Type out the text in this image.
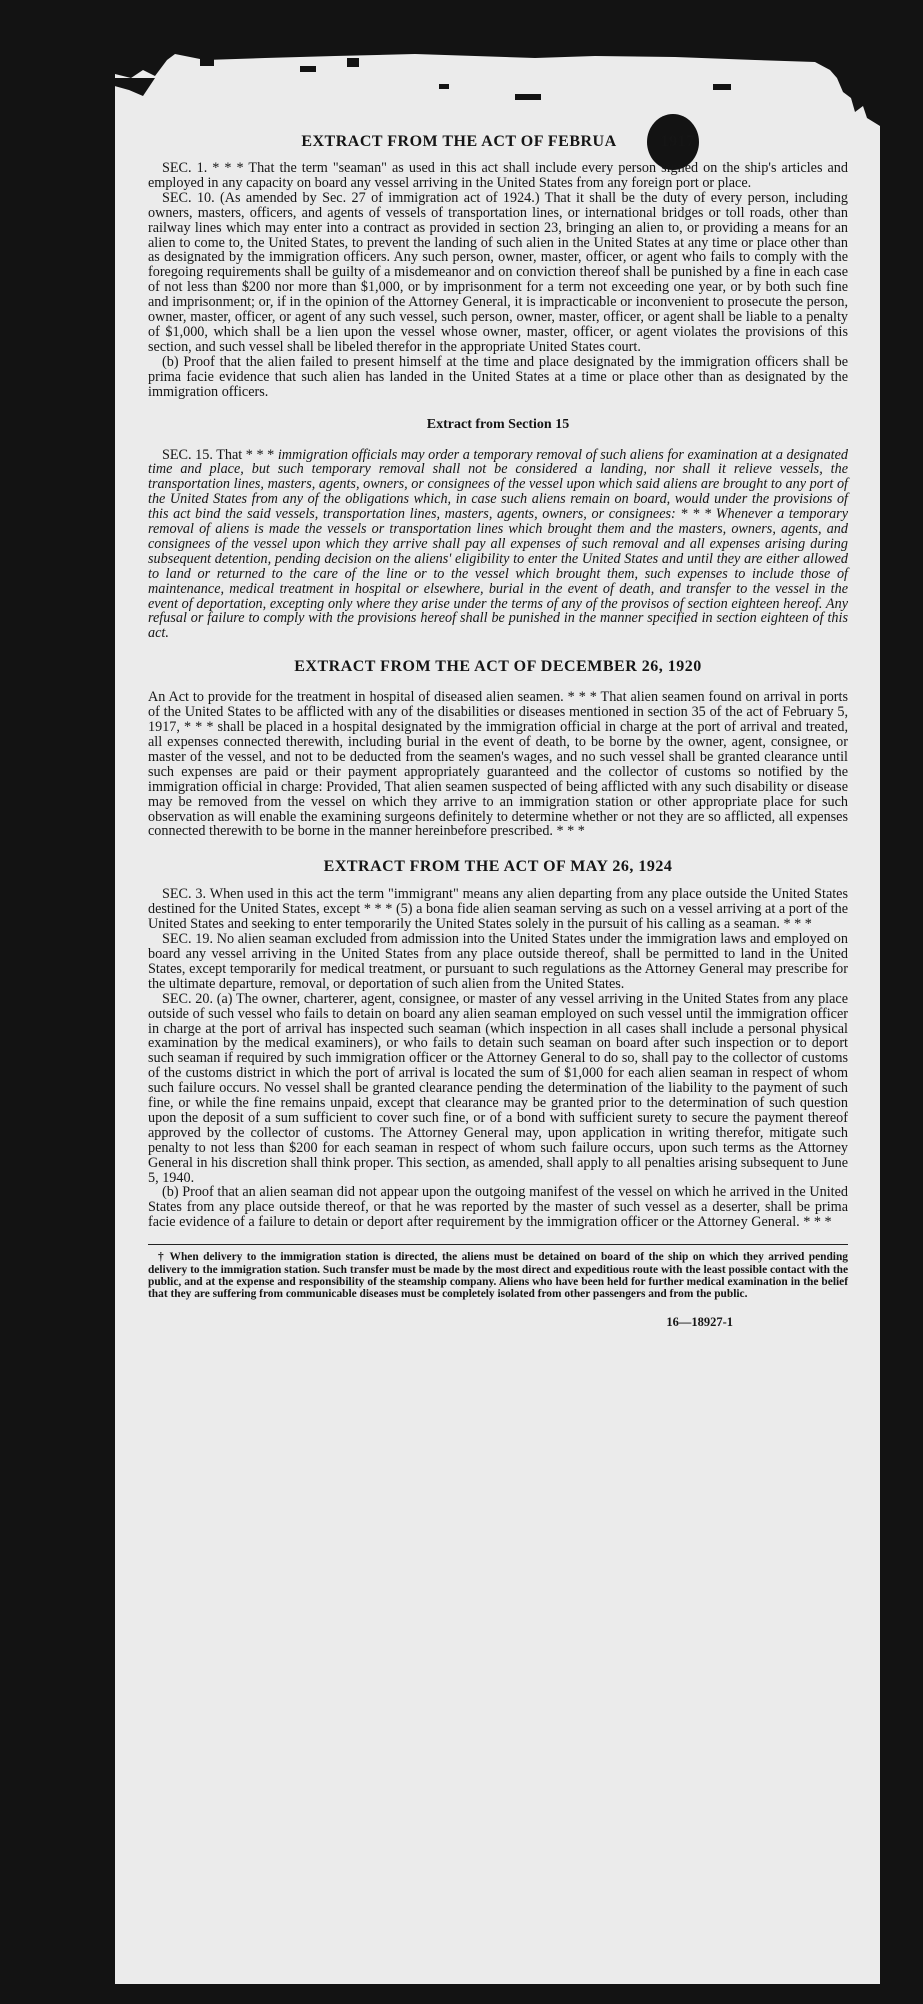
EXTRACT FROM THE ACT OF FEBRUA	1917

SEC. 1. * * * That the term "seaman" as used in this act shall include every person signed on the ship's articles and employed in any capacity on board any vessel arriving in the United States from any foreign port or place.

SEC. 10. (As amended by Sec. 27 of immigration act of 1924.) That it shall be the duty of every person, including owners, masters, officers, and agents of vessels of transportation lines, or international bridges or toll roads, other than railway lines which may enter into a contract as provided in section 23, bringing an alien to, or providing a means for an alien to come to, the United States, to prevent the landing of such alien in the United States at any time or place other than as designated by the immigration officers. Any such person, owner, master, officer, or agent who fails to comply with the foregoing requirements shall be guilty of a misdemeanor and on conviction thereof shall be punished by a fine in each case of not less than $200 nor more than $1,000, or by imprisonment for a term not exceeding one year, or by both such fine and imprisonment; or, if in the opinion of the Attorney General, it is impracticable or inconvenient to prosecute the person, owner, master, officer, or agent of any such vessel, such person, owner, master, officer, or agent shall be liable to a penalty of $1,000, which shall be a lien upon the vessel whose owner, master, officer, or agent violates the provisions of this section, and such vessel shall be libeled therefor in the appropriate United States court.

(b) Proof that the alien failed to present himself at the time and place designated by the immigration officers shall be prima facie evidence that such alien has landed in the United States at a time or place other than as designated by the immigration officers.

Extract from Section 15

SEC. 15. That * * * immigration officials may order a temporary removal of such aliens for examination at a designated time and place, but such temporary removal shall not be considered a landing, nor shall it relieve vessels, the transportation lines, masters, agents, owners, or consignees of the vessel upon which said aliens are brought to any port of the United States from any of the obligations which, in case such aliens remain on board, would under the provisions of this act bind the said vessels, transportation lines, masters, agents, owners, or consignees: * * * Whenever a temporary removal of aliens is made the vessels or transportation lines which brought them and the masters, owners, agents, and consignees of the vessel upon which they arrive shall pay all expenses of such removal and all expenses arising during subsequent detention, pending decision on the aliens' eligibility to enter the United States and until they are either allowed to land or returned to the care of the line or to the vessel which brought them, such expenses to include those of maintenance, medical treatment in hospital or elsewhere, burial in the event of death, and transfer to the vessel in the event of deportation, excepting only where they arise under the terms of any of the provisos of section eighteen hereof. Any refusal or failure to comply with the provisions hereof shall be punished in the manner specified in section eighteen of this act.

EXTRACT FROM THE ACT OF DECEMBER 26, 1920

An Act to provide for the treatment in hospital of diseased alien seamen. * * * That alien seamen found on arrival in ports of the United States to be afflicted with any of the disabilities or diseases mentioned in section 35 of the act of February 5, 1917, * * * shall be placed in a hospital designated by the immigration official in charge at the port of arrival and treated, all expenses connected therewith, including burial in the event of death, to be borne by the owner, agent, consignee, or master of the vessel, and not to be deducted from the seamen's wages, and no such vessel shall be granted clearance until such expenses are paid or their payment appropriately guaranteed and the collector of customs so notified by the immigration official in charge: Provided, That alien seamen suspected of being afflicted with any such disability or disease may be removed from the vessel on which they arrive to an immigration station or other appropriate place for such observation as will enable the examining surgeons definitely to determine whether or not they are so afflicted, all expenses connected therewith to be borne in the manner hereinbefore prescribed. * * *

EXTRACT FROM THE ACT OF MAY 26, 1924

SEC. 3. When used in this act the term "immigrant" means any alien departing from any place outside the United States destined for the United States, except * * * (5) a bona fide alien seaman serving as such on a vessel arriving at a port of the United States and seeking to enter temporarily the United States solely in the pursuit of his calling as a seaman. * * *

SEC. 19. No alien seaman excluded from admission into the United States under the immigration laws and employed on board any vessel arriving in the United States from any place outside thereof, shall be permitted to land in the United States, except temporarily for medical treatment, or pursuant to such regulations as the Attorney General may prescribe for the ultimate departure, removal, or deportation of such alien from the United States.

SEC. 20. (a) The owner, charterer, agent, consignee, or master of any vessel arriving in the United States from any place outside of such vessel who fails to detain on board any alien seaman employed on such vessel until the immigration officer in charge at the port of arrival has inspected such seaman (which inspection in all cases shall include a personal physical examination by the medical examiners), or who fails to detain such seaman on board after such inspection or to deport such seaman if required by such immigration officer or the Attorney General to do so, shall pay to the collector of customs of the customs district in which the port of arrival is located the sum of $1,000 for each alien seaman in respect of whom such failure occurs. No vessel shall be granted clearance pending the determination of the liability to the payment of such fine, or while the fine remains unpaid, except that clearance may be granted prior to the determination of such question upon the deposit of a sum sufficient to cover such fine, or of a bond with sufficient surety to secure the payment thereof approved by the collector of customs. The Attorney General may, upon application in writing therefor, mitigate such penalty to not less than $200 for each seaman in respect of whom such failure occurs, upon such terms as the Attorney General in his discretion shall think proper. This section, as amended, shall apply to all penalties arising subsequent to June 5, 1940.

(b) Proof that an alien seaman did not appear upon the outgoing manifest of the vessel on which he arrived in the United States from any place outside thereof, or that he was reported by the master of such vessel as a deserter, shall be prima facie evidence of a failure to detain or deport after requirement by the immigration officer or the Attorney General. * * *

† When delivery to the immigration station is directed, the aliens must be detained on board of the ship on which they arrived pending delivery to the immigration station. Such transfer must be made by the most direct and expeditious route with the least possible contact with the public, and at the expense and responsibility of the steamship company. Aliens who have been held for further medical examination in the belief that they are suffering from communicable diseases must be completely isolated from other passengers and from the public.

16—18927-1
